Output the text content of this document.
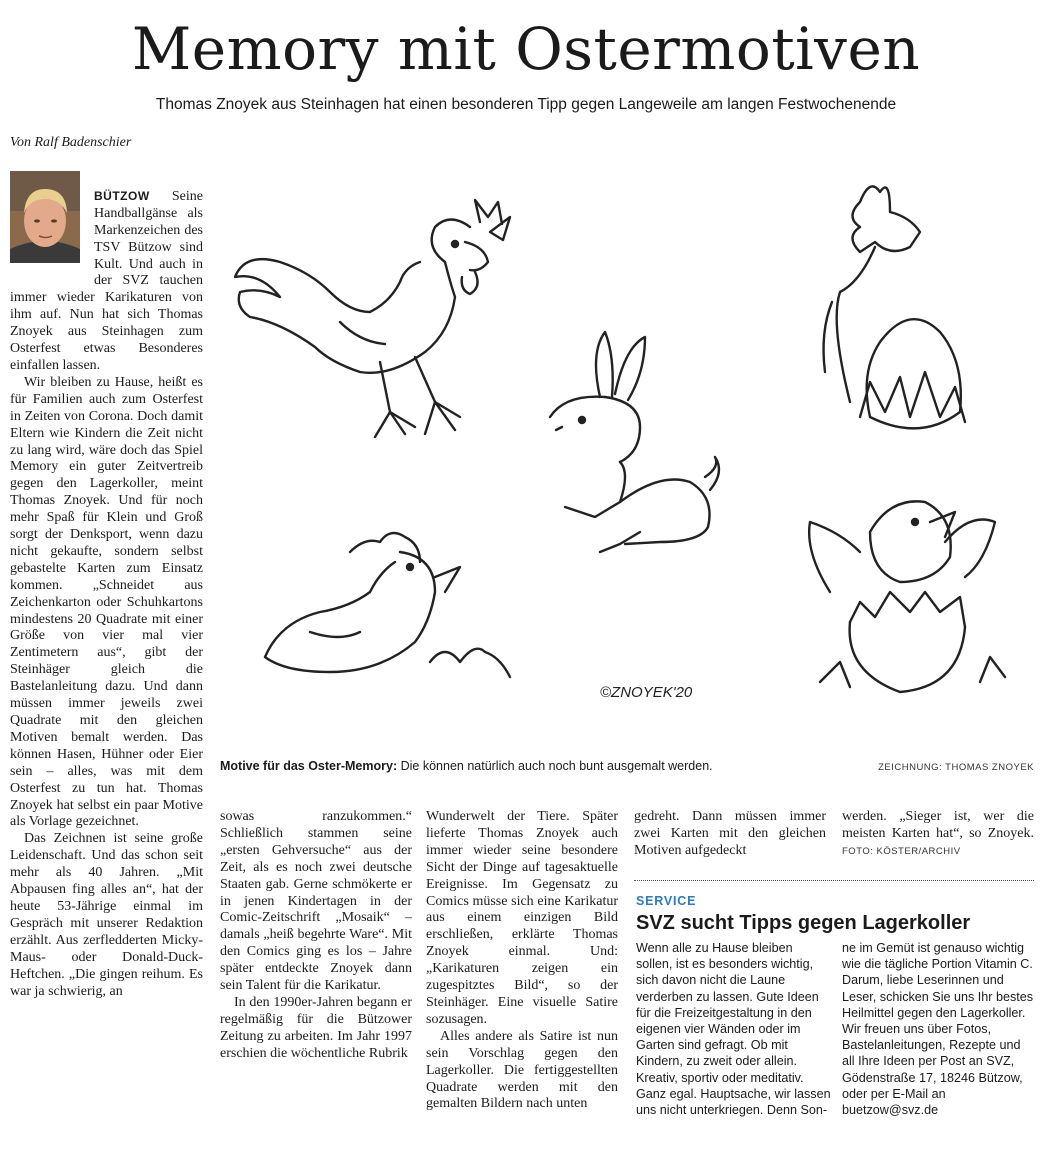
Memory mit Ostermotiven
Thomas Znoyek aus Steinhagen hat einen besonderen Tipp gegen Langeweile am langen Festwochenende
Von Ralf Badenschier

BÜTZOW Seine Handballgänse als Markenzeichen des TSV Bützow sind Kult. Und auch in der SVZ tauchen immer wieder Karikaturen von ihm auf. Nun hat sich Thomas Znoyek aus Steinhagen zum Osterfest etwas Besonderes einfallen lassen.

Wir bleiben zu Hause, heißt es für Familien auch zum Osterfest in Zeiten von Corona. Doch damit Eltern wie Kindern die Zeit nicht zu lang wird, wäre doch das Spiel Memory ein guter Zeitvertreib gegen den Lagerkoller, meint Thomas Znoyek. Und für noch mehr Spaß für Klein und Groß sorgt der Denksport, wenn dazu nicht gekaufte, sondern selbst gebastelte Karten zum Einsatz kommen. „Schneidet aus Zeichenkarton oder Schuhkartons mindestens 20 Quadrate mit einer Größe von vier mal vier Zentimetern aus“, gibt der Steinhäger gleich die Bastelanleitung dazu. Und dann müssen immer jeweils zwei Quadrate mit den gleichen Motiven bemalt werden. Das können Hasen, Hühner oder Eier sein – alles, was mit dem Osterfest zu tun hat. Thomas Znoyek hat selbst ein paar Motive als Vorlage gezeichnet.

Das Zeichnen ist seine große Leidenschaft. Und das schon seit mehr als 40 Jahren. „Mit Abpausen fing alles an“, hat der heute 53-Jährige einmal im Gespräch mit unserer Redaktion erzählt. Aus zerfledderten Micky-Maus- oder Donald-Duck-Heftchen. „Die gingen reihum. Es war ja schwierig, an

©ZNOYEK'20
Motive für das Oster-Memory: Die können natürlich auch noch bunt ausgemalt werden.	ZEICHNUNG: THOMAS ZNOYEK

sowas ranzukommen.“ Schließlich stammen seine „ersten Gehversuche“ aus der Zeit, als es noch zwei deutsche Staaten gab. Gerne schmökerte er in jenen Kindertagen in der Comic-Zeitschrift „Mosaik“ – damals „heiß begehrte Ware“. Mit den Comics ging es los – Jahre später entdeckte Znoyek dann sein Talent für die Karikatur.

In den 1990er-Jahren begann er regelmäßig für die Bützower Zeitung zu arbeiten. Im Jahr 1997 erschien die wöchentliche Rubrik

Wunderwelt der Tiere. Später lieferte Thomas Znoyek auch immer wieder seine besondere Sicht der Dinge auf tagesaktuelle Ereignisse. Im Gegensatz zu Comics müsse sich eine Karikatur aus einem einzigen Bild erschließen, erklärte Thomas Znoyek einmal. Und: „Karikaturen zeigen ein zugespitztes Bild“, so der Steinhäger. Eine visuelle Satire sozusagen.

Alles andere als Satire ist nun sein Vorschlag gegen den Lagerkoller. Die fertiggestellten Quadrate werden mit den gemalten Bildern nach unten

gedreht. Dann müssen immer zwei Karten mit den gleichen Motiven aufgedeckt

werden. „Sieger ist, wer die meisten Karten hat“, so Znoyek. FOTO: KÖSTER/ARCHIV

SERVICE
SVZ sucht Tipps gegen Lagerkoller

Wenn alle zu Hause bleiben sollen, ist es besonders wichtig, sich davon nicht die Laune verderben zu lassen. Gute Ideen für die Freizeitgestaltung in den eigenen vier Wänden oder im Garten sind gefragt. Ob mit Kindern, zu zweit oder allein. Kreativ, sportiv oder meditativ. Ganz egal. Hauptsache, wir lassen uns nicht unterkriegen. Denn Son-

ne im Gemüt ist genauso wichtig wie die tägliche Portion Vitamin C. Darum, liebe Leserinnen und Leser, schicken Sie uns Ihr bestes Heilmittel gegen den Lagerkoller. Wir freuen uns über Fotos, Bastelanleitungen, Rezepte und all Ihre Ideen per Post an SVZ, Gödenstraße 17, 18246 Bützow, oder per E-Mail an buetzow@svz.de
